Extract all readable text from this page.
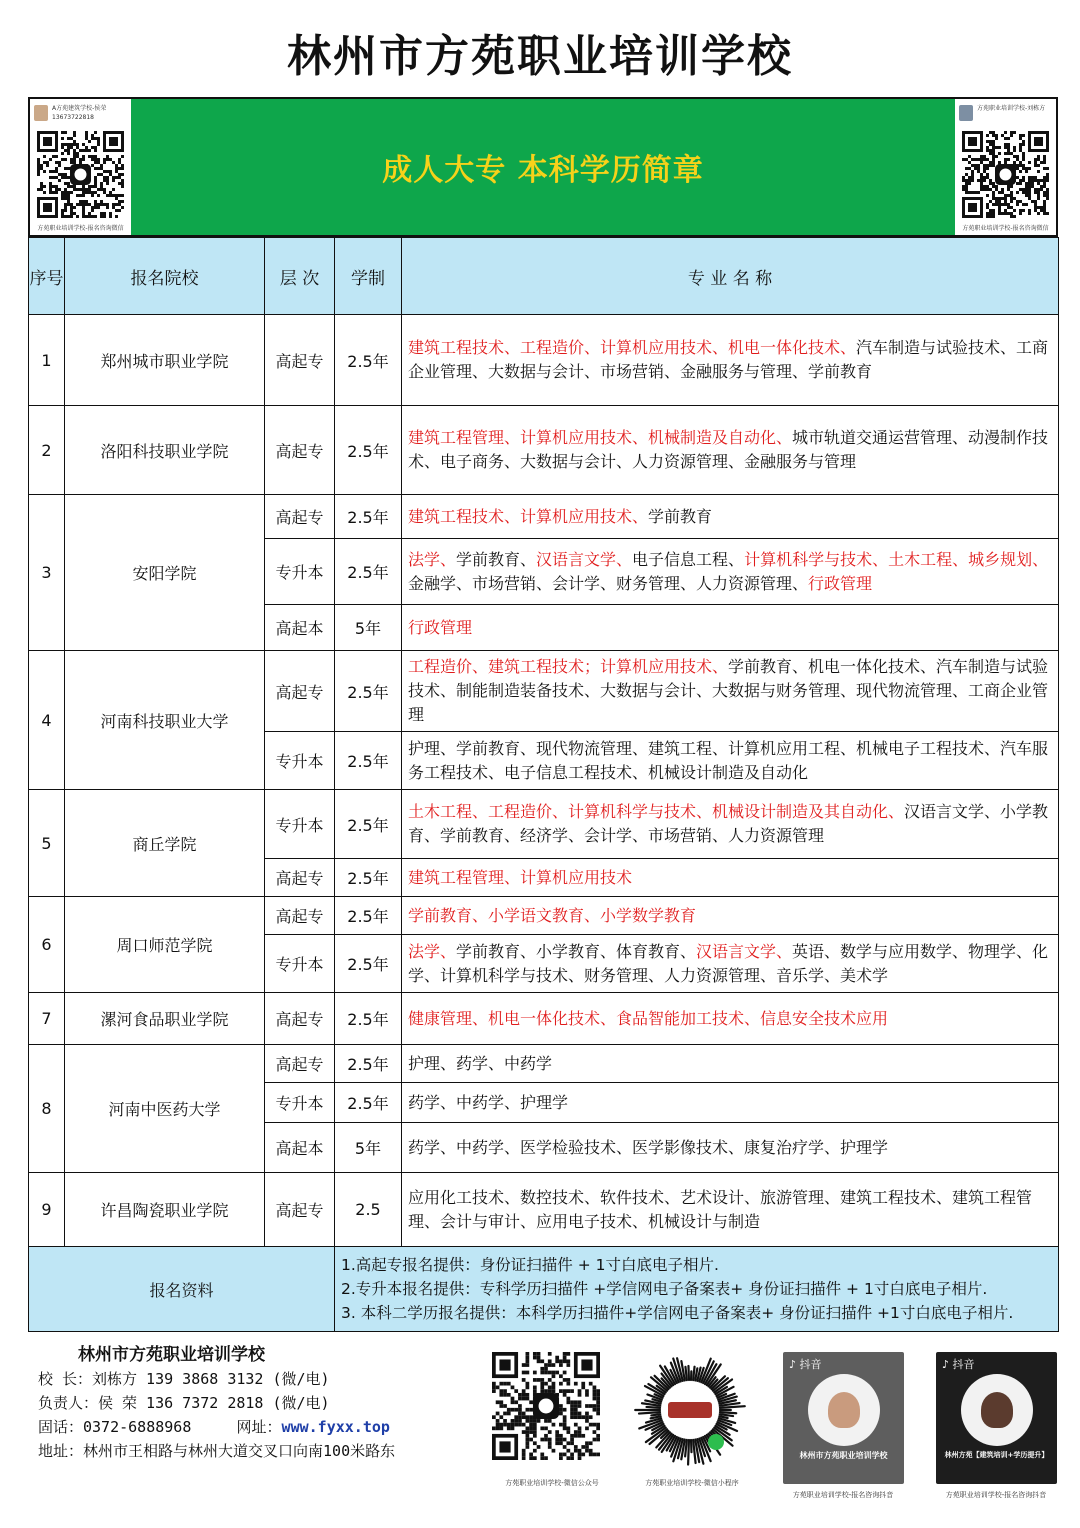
林州市方苑职业培训学校
A方苑建筑学校-侯荣
13673722818
方苑职业培训学校-报名咨询微信
成人大专 本科学历简章
方苑职业培训学校-刘栋方
方苑职业培训学校-报名咨询微信
序号	报名院校	层 次	学制	专 业 名 称
1	郑州城市职业学院	高起专	2.5年	建筑工程技术、工程造价、计算机应用技术、机电一体化技术、汽车制造与试验技术、工商企业管理、大数据与会计、市场营销、金融服务与管理、学前教育
2	洛阳科技职业学院	高起专	2.5年	建筑工程管理、计算机应用技术、机械制造及自动化、城市轨道交通运营管理、动漫制作技术、电子商务、大数据与会计、人力资源管理、金融服务与管理
3	安阳学院	高起专	2.5年	建筑工程技术、计算机应用技术、学前教育
		专升本	2.5年	法学、学前教育、汉语言文学、电子信息工程、计算机科学与技术、土木工程、城乡规划、金融学、市场营销、会计学、财务管理、人力资源管理、行政管理
		高起本	5年	行政管理
4	河南科技职业大学	高起专	2.5年	工程造价、建筑工程技术；计算机应用技术、学前教育、机电一体化技术、汽车制造与试验技术、制能制造装备技术、大数据与会计、大数据与财务管理、现代物流管理、工商企业管理
		专升本	2.5年	护理、学前教育、现代物流管理、建筑工程、计算机应用工程、机械电子工程技术、汽车服务工程技术、电子信息工程技术、机械设计制造及自动化
5	商丘学院	专升本	2.5年	土木工程、工程造价、计算机科学与技术、机械设计制造及其自动化、汉语言文学、小学教育、学前教育、经济学、会计学、市场营销、人力资源管理
		高起专	2.5年	建筑工程管理、计算机应用技术
6	周口师范学院	高起专	2.5年	学前教育、小学语文教育、小学数学教育
		专升本	2.5年	法学、学前教育、小学教育、体育教育、汉语言文学、英语、数学与应用数学、物理学、化学、计算机科学与技术、财务管理、人力资源管理、音乐学、美术学
7	漯河食品职业学院	高起专	2.5年	健康管理、机电一体化技术、食品智能加工技术、信息安全技术应用
8	河南中医药大学	高起专	2.5年	护理、药学、中药学
		专升本	2.5年	药学、中药学、护理学
		高起本	5年	药学、中药学、医学检验技术、医学影像技术、康复治疗学、护理学
9	许昌陶瓷职业学院	高起专	2.5	应用化工技术、数控技术、软件技术、艺术设计、旅游管理、建筑工程技术、建筑工程管理、会计与审计、应用电子技术、机械设计与制造
报名资料			1.高起专报名提供：身份证扫描件 + 1寸白底电子相片.
2.专升本报名提供：专科学历扫描件 +学信网电子备案表+ 身份证扫描件 + 1寸白底电子相片.
3. 本科二学历报名提供：本科学历扫描件+学信网电子备案表+ 身份证扫描件 +1寸白底电子相片.	
林州市方苑职业培训学校
校 长：刘栋方 139 3868 3132 (微/电)
负责人：侯 荣 136 7372 2818 (微/电)
固话：0372-6888968	网址：www.fyxx.top
地址：林州市王相路与林州大道交叉口向南100米路东
方苑职业培训学校-微信公众号	方苑职业培训学校-微信小程序
♪ 抖音
林州市方苑职业培训学校
方苑职业培训学校-报名咨询抖音
♪ 抖音
林州方苑【建筑培训+学历提升】
方苑职业培训学校-报名咨询抖音
